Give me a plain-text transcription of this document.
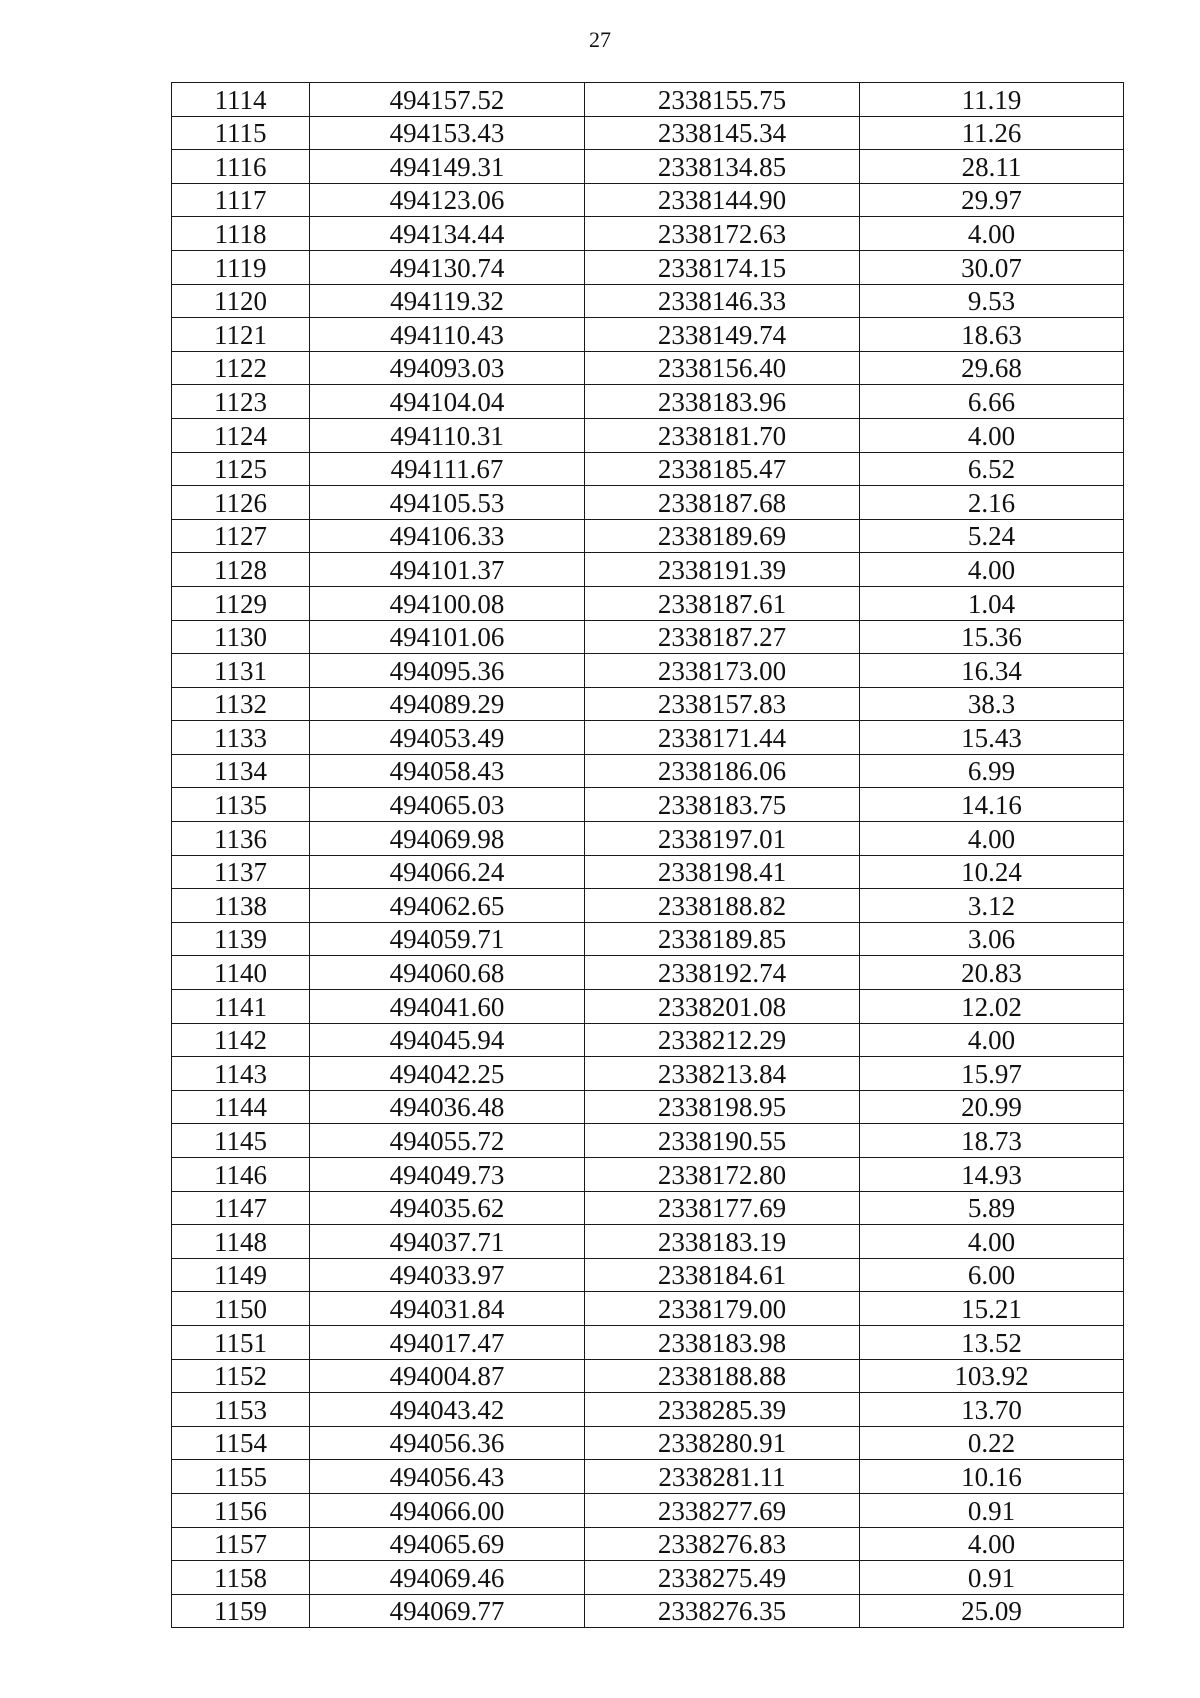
27
1114	494157.52	2338155.75	11.19
1115	494153.43	2338145.34	11.26
1116	494149.31	2338134.85	28.11
1117	494123.06	2338144.90	29.97
1118	494134.44	2338172.63	4.00
1119	494130.74	2338174.15	30.07
1120	494119.32	2338146.33	9.53
1121	494110.43	2338149.74	18.63
1122	494093.03	2338156.40	29.68
1123	494104.04	2338183.96	6.66
1124	494110.31	2338181.70	4.00
1125	494111.67	2338185.47	6.52
1126	494105.53	2338187.68	2.16
1127	494106.33	2338189.69	5.24
1128	494101.37	2338191.39	4.00
1129	494100.08	2338187.61	1.04
1130	494101.06	2338187.27	15.36
1131	494095.36	2338173.00	16.34
1132	494089.29	2338157.83	38.3
1133	494053.49	2338171.44	15.43
1134	494058.43	2338186.06	6.99
1135	494065.03	2338183.75	14.16
1136	494069.98	2338197.01	4.00
1137	494066.24	2338198.41	10.24
1138	494062.65	2338188.82	3.12
1139	494059.71	2338189.85	3.06
1140	494060.68	2338192.74	20.83
1141	494041.60	2338201.08	12.02
1142	494045.94	2338212.29	4.00
1143	494042.25	2338213.84	15.97
1144	494036.48	2338198.95	20.99
1145	494055.72	2338190.55	18.73
1146	494049.73	2338172.80	14.93
1147	494035.62	2338177.69	5.89
1148	494037.71	2338183.19	4.00
1149	494033.97	2338184.61	6.00
1150	494031.84	2338179.00	15.21
1151	494017.47	2338183.98	13.52
1152	494004.87	2338188.88	103.92
1153	494043.42	2338285.39	13.70
1154	494056.36	2338280.91	0.22
1155	494056.43	2338281.11	10.16
1156	494066.00	2338277.69	0.91
1157	494065.69	2338276.83	4.00
1158	494069.46	2338275.49	0.91
1159	494069.77	2338276.35	25.09
